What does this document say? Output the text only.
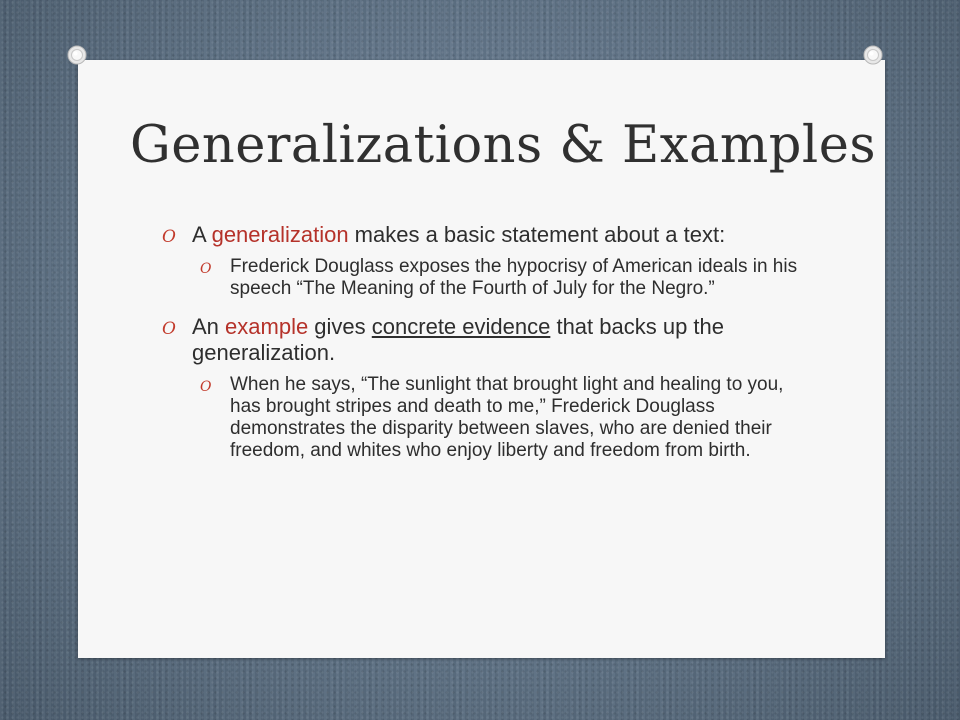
Generalizations & Examples
O A generalization makes a basic statement about a text:
O Frederick Douglass exposes the hypocrisy of American ideals in his speech “The Meaning of the Fourth of July for the Negro.”
O An example gives concrete evidence that backs up the generalization.
O When he says, “The sunlight that brought light and healing to you, has brought stripes and death to me,” Frederick Douglass demonstrates the disparity between slaves, who are denied their freedom, and whites who enjoy liberty and freedom from birth.
